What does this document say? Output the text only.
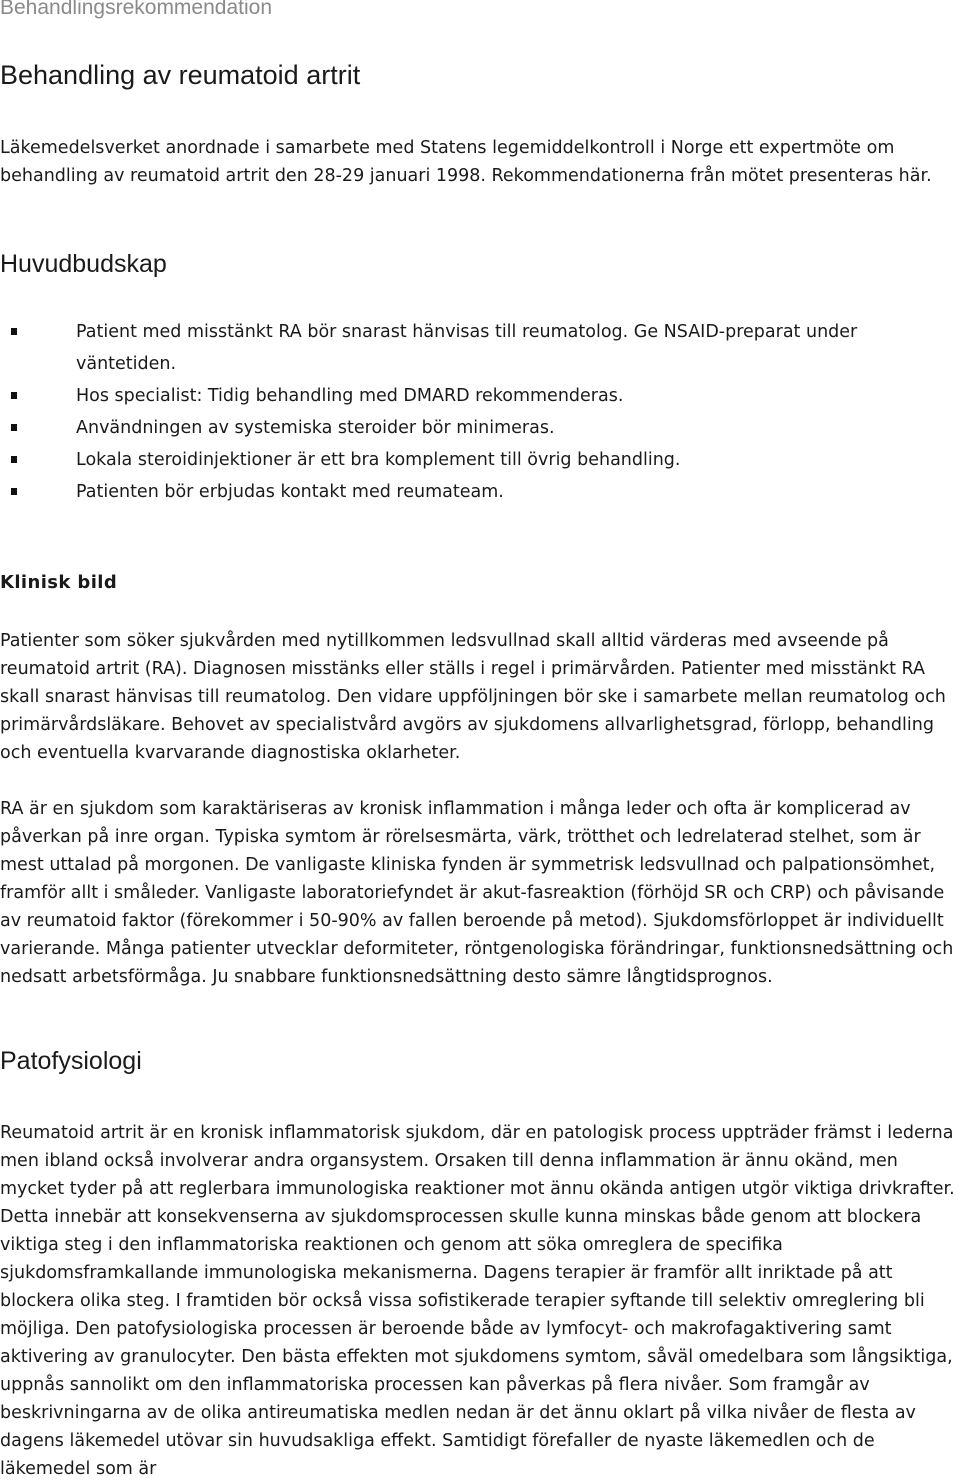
Behandlingsrekommendation
Behandling av reumatoid artrit

Läkemedelsverket anordnade i samarbete med Statens legemiddelkontroll i Norge ett expertmöte om behandling av reumatoid artrit den 28-29 januari 1998. Rekommendationerna från mötet presenteras här.

Huvudbudskap
Patient med misstänkt RA bör snarast hänvisas till reumatolog. Ge NSAID-preparat under väntetiden.
Hos specialist: Tidig behandling med DMARD rekommenderas.
Användningen av systemiska steroider bör minimeras.
Lokala steroidinjektioner är ett bra komplement till övrig behandling.
Patienten bör erbjudas kontakt med reumateam.
Klinisk bild

Patienter som söker sjukvården med nytillkommen ledsvullnad skall alltid värderas med avseende på reumatoid artrit (RA). Diagnosen misstänks eller ställs i regel i primärvården. Patienter med misstänkt RA skall snarast hänvisas till reumatolog. Den vidare uppföljningen bör ske i samarbete mellan reumatolog och primärvårdsläkare. Behovet av specialistvård avgörs av sjukdomens allvarlighetsgrad, förlopp, behandling och eventuella kvarvarande diagnostiska oklarheter.

RA är en sjukdom som karaktäriseras av kronisk inflammation i många leder och ofta är komplicerad av påverkan på inre organ. Typiska symtom är rörelsesmärta, värk, trötthet och ledrelaterad stelhet, som är mest uttalad på morgonen. De vanligaste kliniska fynden är symmetrisk ledsvullnad och palpationsömhet, framför allt i småleder. Vanligaste laboratoriefyndet är akut-fasreaktion (förhöjd SR och CRP) och påvisande av reumatoid faktor (förekommer i 50-90% av fallen beroende på metod). Sjukdomsförloppet är individuellt varierande. Många patienter utvecklar deformiteter, röntgenologiska förändringar, funktionsnedsättning och nedsatt arbetsförmåga. Ju snabbare funktionsnedsättning desto sämre långtidsprognos.

Patofysiologi

Reumatoid artrit är en kronisk inflammatorisk sjukdom, där en patologisk process uppträder främst i lederna men ibland också involverar andra organsystem. Orsaken till denna inflammation är ännu okänd, men mycket tyder på att reglerbara immunologiska reaktioner mot ännu okända antigen utgör viktiga drivkrafter. Detta innebär att konsekvenserna av sjukdomsprocessen skulle kunna minskas både genom att blockera viktiga steg i den inflammatoriska reaktionen och genom att söka omreglera de specifika sjukdomsframkallande immunologiska mekanismerna. Dagens terapier är framför allt inriktade på att blockera olika steg. I framtiden bör också vissa sofistikerade terapier syftande till selektiv omreglering bli möjliga. Den patofysiologiska processen är beroende både av lymfocyt- och makrofagaktivering samt aktivering av granulocyter. Den bästa effekten mot sjukdomens symtom, såväl omedelbara som långsiktiga, uppnås sannolikt om den inflammatoriska processen kan påverkas på flera nivåer. Som framgår av beskrivningarna av de olika antireumatiska medlen nedan är det ännu oklart på vilka nivåer de flesta av dagens läkemedel utövar sin huvudsakliga effekt. Samtidigt förefaller de nyaste läkemedlen och de läkemedel som är
